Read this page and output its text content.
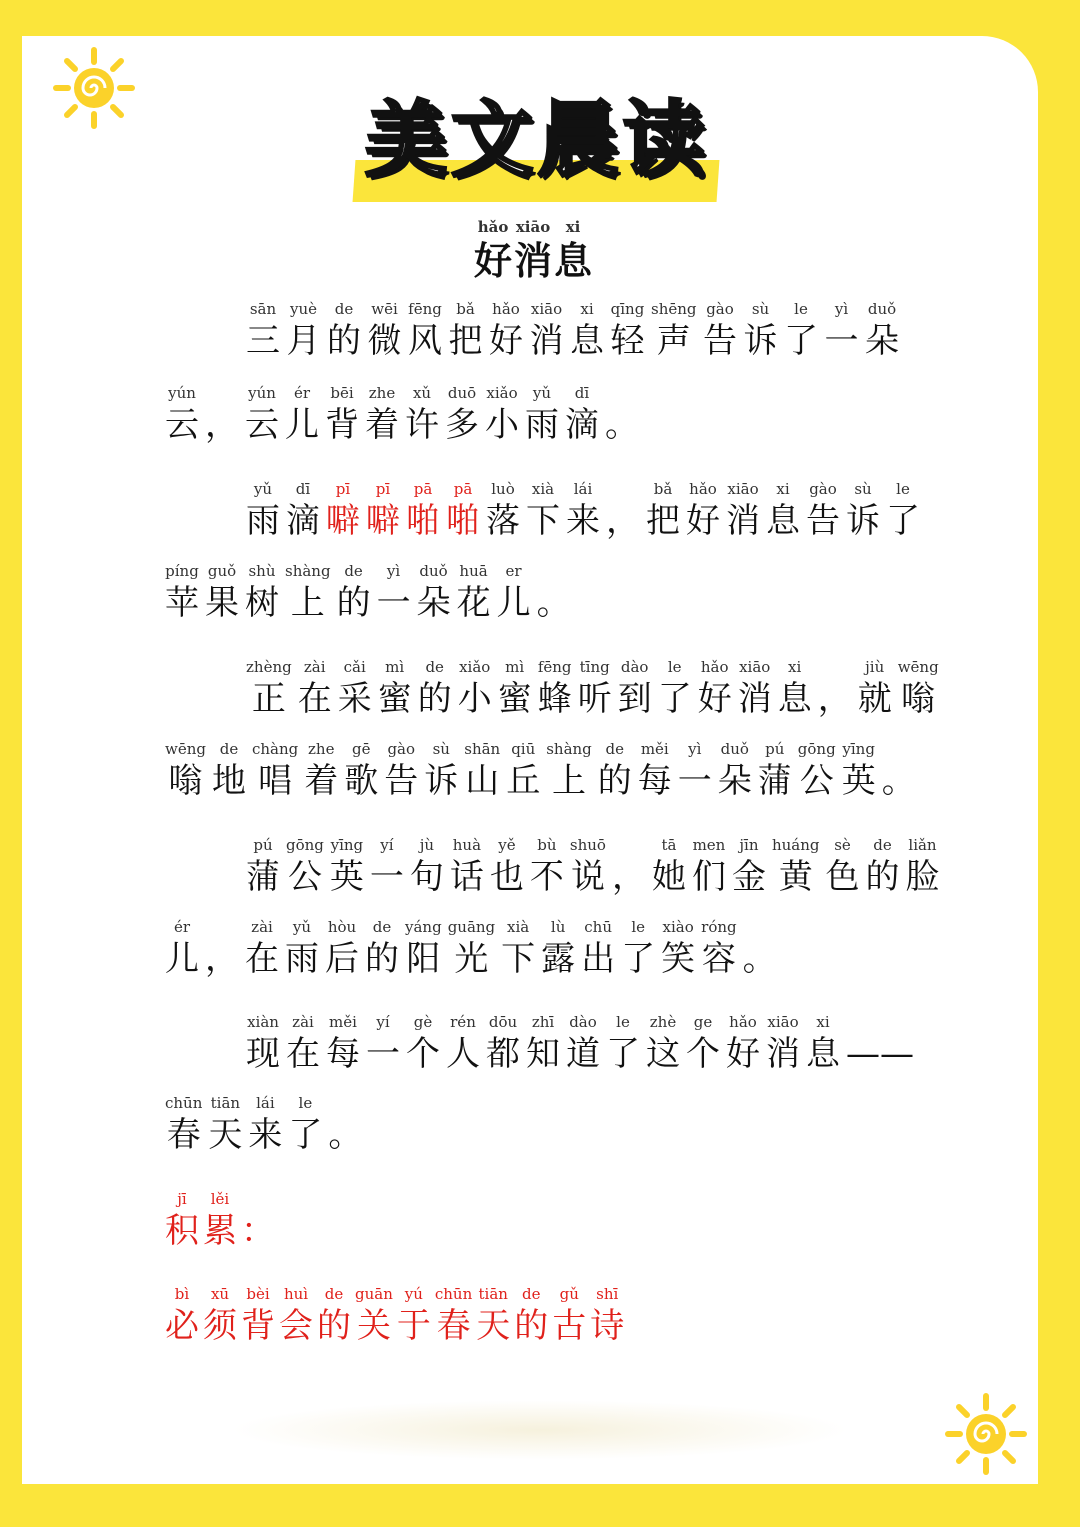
美文晨读
好hǎo消xiāo息xi
三sān月yuè的de微wēi风fēng把bǎ好hǎo消xiāo息xi轻qīng声shēng告gào诉sù了le一yì朵duǒ
云yún， 云yún儿ér背bēi着zhe许xǔ多duō小xiǎo雨yǔ滴dī。
雨yǔ滴dī噼pī噼pī啪pā啪pā落luò下xià来lái， 把bǎ好hǎo消xiāo息xi告gào诉sù了le
苹píng果guǒ树shù上shàng的de一yì朵duǒ花huā儿er。
正zhèng在zài采cǎi蜜mì的de小xiǎo蜜mì蜂fēng听tīng到dào了le好hǎo消xiāo息xi， 就jiù嗡wēng
嗡wēng地de唱chàng着zhe歌gē告gào诉sù山shān丘qiū上shàng的de每měi一yì朵duǒ蒲pú公gōng英yīng。
蒲pú公gōng英yīng一yí句jù话huà也yě不bù说shuō， 她tā们men金jīn黄huáng色sè的de脸liǎn
儿ér， 在zài雨yǔ后hòu的de阳yáng光guāng下xià露lù出chū了le笑xiào容róng。
现xiàn在zài每měi一yí个gè人rén都dōu知zhī道dào了le这zhè个ge好hǎo消xiāo息xi——
春chūn天tiān来lái了le。
积jī累lěi：
必bì须xū背bèi会huì的de关guān于yú春chūn天tiān的de古gǔ诗shī
